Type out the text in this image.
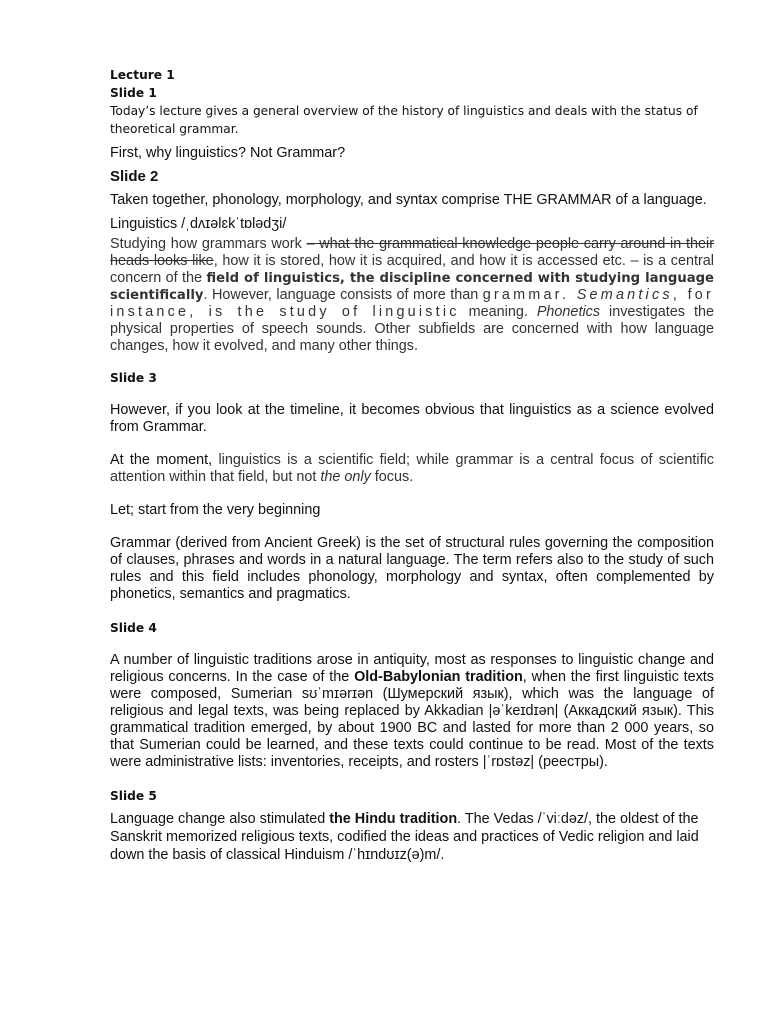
Lecture 1

Slide 1

Today’s lecture gives a general overview of the history of linguistics and deals with the status of theoretical grammar.

First, why linguistics? Not Grammar?

Slide 2

Taken together, phonology, morphology, and syntax comprise THE GRAMMAR of a language.

Linguistics /ˌdʌɪəlɛkˈtɒlədʒi/

Studying how grammars work – what the grammatical knowledge people carry around in their heads looks like, how it is stored, how it is acquired, and how it is accessed etc. – is a central concern of the field of linguistics, the discipline concerned with studying language scientifically. However, language consists of more than grammar. Semantics, for instance, is the study of linguistic meaning. Phonetics investigates the physical properties of speech sounds. Other subfields are concerned with how language changes, how it evolved, and many other things.

Slide 3

However, if you look at the timeline, it becomes obvious that linguistics as a science evolved from Grammar.

At the moment, linguistics is a scientific field; while grammar is a central focus of scientific attention within that field, but not the only focus.

Let; start from the very beginning

Grammar (derived from Ancient Greek) is the set of structural rules governing the composition of clauses, phrases and words in a natural language. The term refers also to the study of such rules and this field includes phonology, morphology and syntax, often complemented by phonetics, semantics and pragmatics.

Slide 4

A number of linguistic traditions arose in antiquity, most as responses to linguistic change and religious concerns. In the case of the Old-Babylonian tradition, when the first linguistic texts were composed, Sumerian sʊˈmɪərɪən (Шумерский язык), which was the language of religious and legal texts, was being replaced by Akkadian |əˈkeɪdɪən| (Аккадский язык). This grammatical tradition emerged, by about 1900 BC and lasted for more than 2 000 years, so that Sumerian could be learned, and these texts could continue to be read. Most of the texts were administrative lists: inventories, receipts, and rosters |ˈrɒstəz| (реестры).

Slide 5

Language change also stimulated the Hindu tradition. The Vedas /ˈviːdəz/, the oldest of the Sanskrit memorized religious texts, codified the ideas and practices of Vedic religion and laid down the basis of classical Hinduism /ˈhɪndʊɪz(ə)m/.
